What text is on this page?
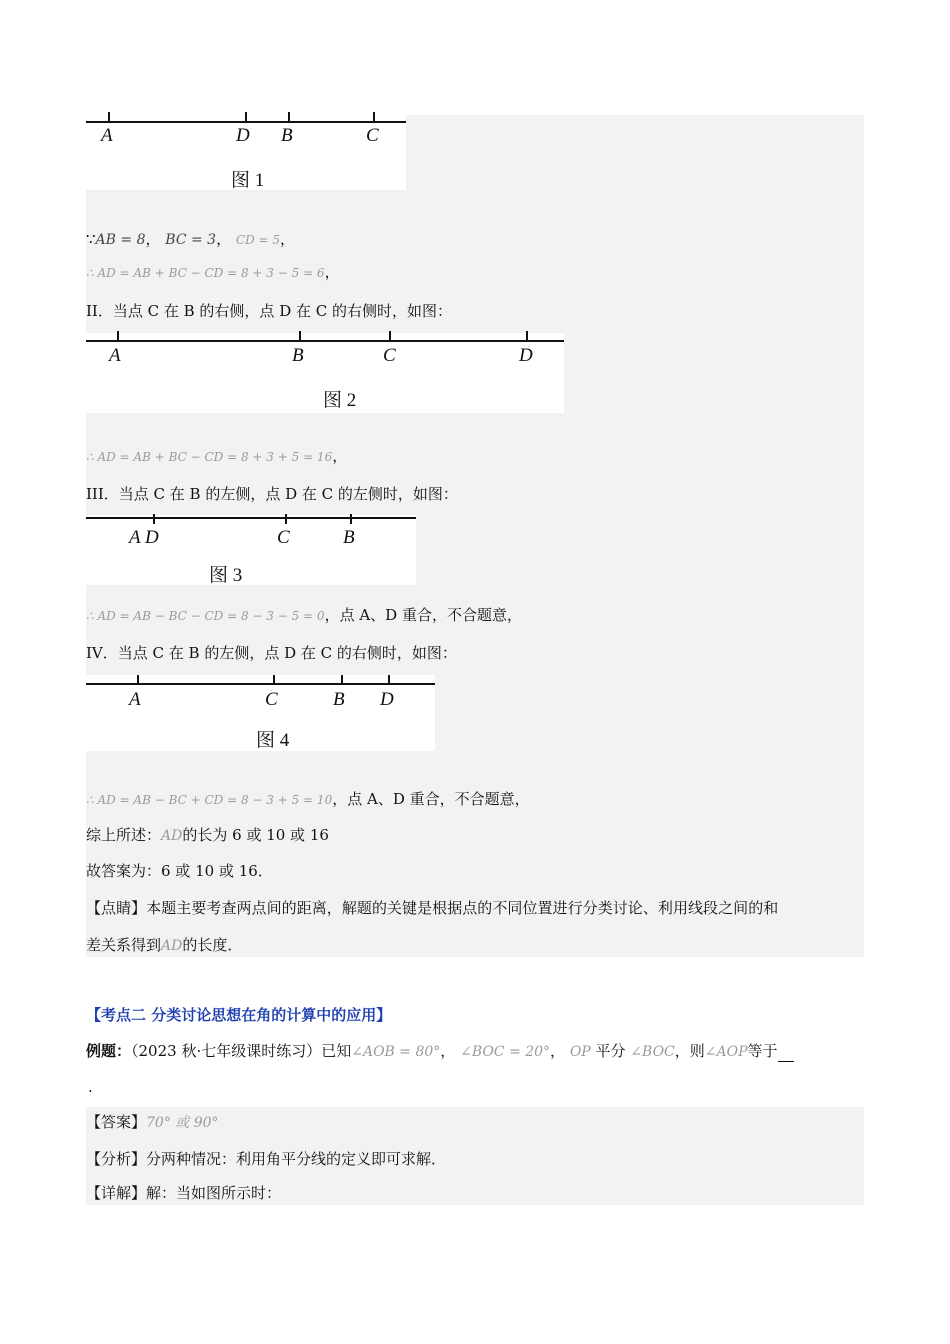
A	D B	C
图 1
∵AB = 8， BC = 3， CD = 5，
∴ AD = AB + BC − CD = 8 + 3 − 5 = 6，
II．当点 C 在 B 的右侧，点 D 在 C 的右侧时，如图：
A	B	C	D
图 2
∴ AD = AB + BC − CD = 8 + 3 + 5 = 16，
III．当点 C 在 B 的左侧，点 D 在 C 的左侧时，如图：
A D	C	B
图 3
∴ AD = AB − BC − CD = 8 − 3 − 5 = 0，点 A、D 重合，不合题意，
IV．当点 C 在 B 的左侧，点 D 在 C 的右侧时，如图：
A	C	B D
图 4
∴ AD = AB − BC + CD = 8 − 3 + 5 = 10，点 A、D 重合，不合题意，
综上所述：AD的长为 6 或 10 或 16
故答案为：6 或 10 或 16．
【点睛】本题主要考查两点间的距离，解题的关键是根据点的不同位置进行分类讨论、利用线段之间的和
差关系得到AD的长度．
【考点二 分类讨论思想在角的计算中的应用】
例题：（2023 秋·七年级课时练习）已知∠AOB = 80°， ∠BOC = 20°， OP 平分 ∠BOC，则∠AOP等于
.
【答案】70° 或 90°
【分析】分两种情况：利用角平分线的定义即可求解．
【详解】解：当如图所示时：
